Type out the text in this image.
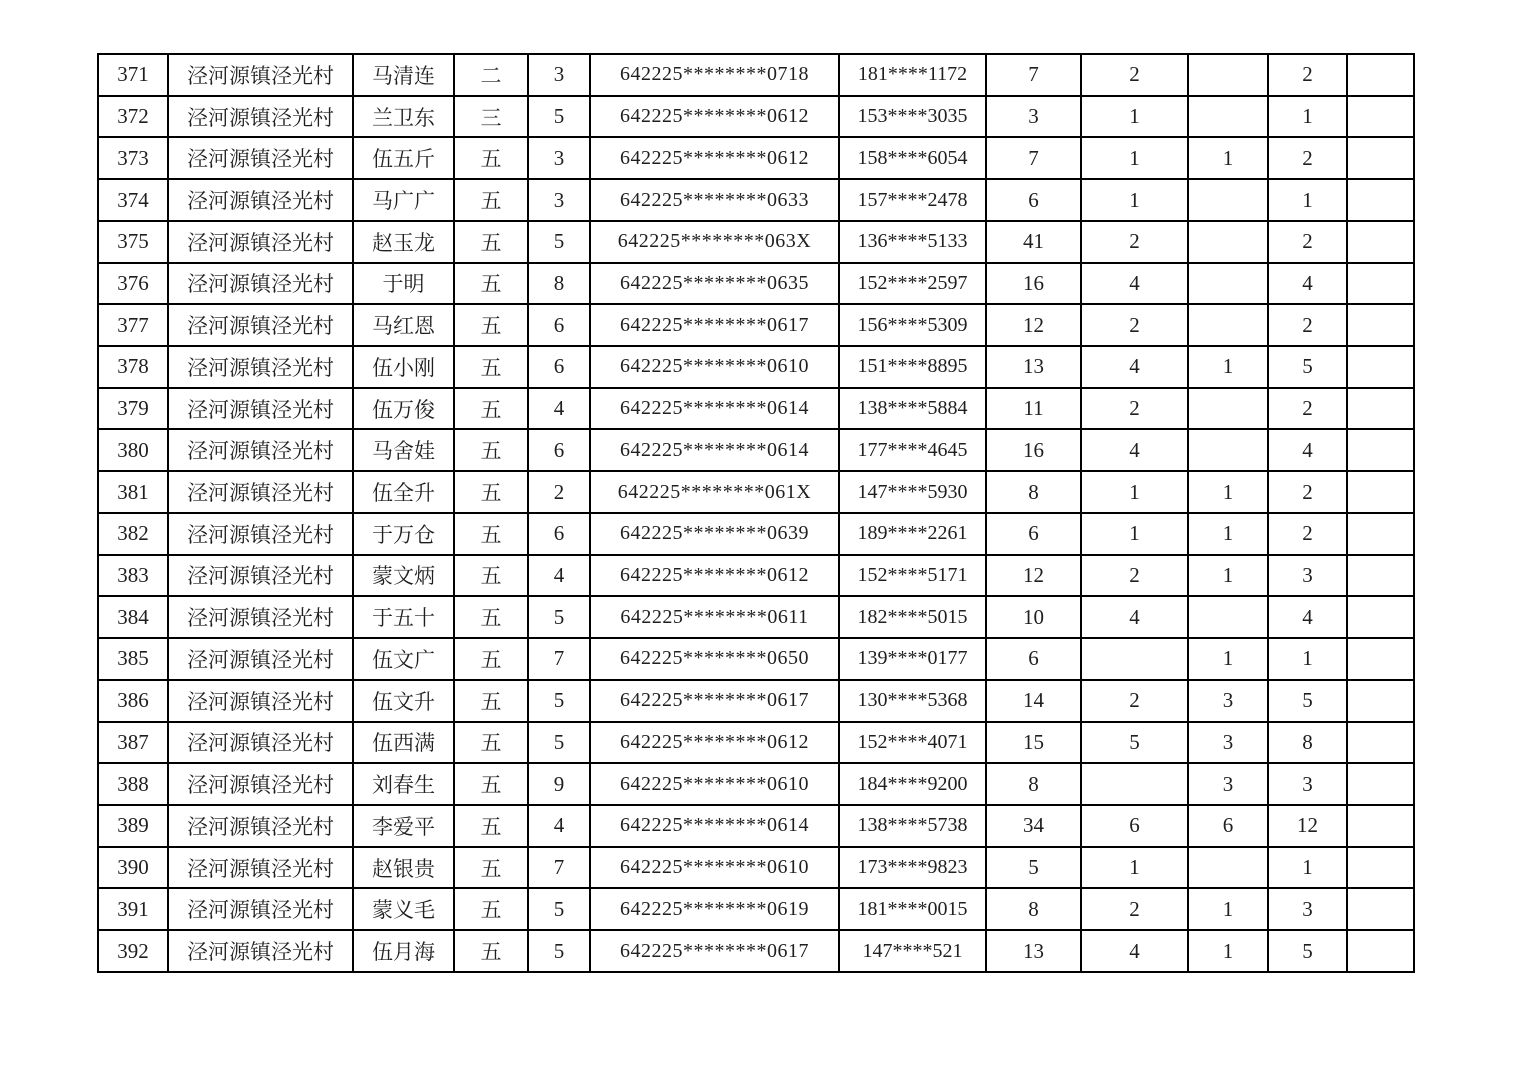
371	泾河源镇泾光村	马清连	二	3	642225********0718	181****1172	7	2		2	
372	泾河源镇泾光村	兰卫东	三	5	642225********0612	153****3035	3	1		1	
373	泾河源镇泾光村	伍五斤	五	3	642225********0612	158****6054	7	1	1	2	
374	泾河源镇泾光村	马广广	五	3	642225********0633	157****2478	6	1		1	
375	泾河源镇泾光村	赵玉龙	五	5	642225********063X	136****5133	41	2		2	
376	泾河源镇泾光村	于明	五	8	642225********0635	152****2597	16	4		4	
377	泾河源镇泾光村	马红恩	五	6	642225********0617	156****5309	12	2		2	
378	泾河源镇泾光村	伍小刚	五	6	642225********0610	151****8895	13	4	1	5	
379	泾河源镇泾光村	伍万俊	五	4	642225********0614	138****5884	11	2		2	
380	泾河源镇泾光村	马舍娃	五	6	642225********0614	177****4645	16	4		4	
381	泾河源镇泾光村	伍全升	五	2	642225********061X	147****5930	8	1	1	2	
382	泾河源镇泾光村	于万仓	五	6	642225********0639	189****2261	6	1	1	2	
383	泾河源镇泾光村	蒙文炳	五	4	642225********0612	152****5171	12	2	1	3	
384	泾河源镇泾光村	于五十	五	5	642225********0611	182****5015	10	4		4	
385	泾河源镇泾光村	伍文广	五	7	642225********0650	139****0177	6		1	1	
386	泾河源镇泾光村	伍文升	五	5	642225********0617	130****5368	14	2	3	5	
387	泾河源镇泾光村	伍西满	五	5	642225********0612	152****4071	15	5	3	8	
388	泾河源镇泾光村	刘春生	五	9	642225********0610	184****9200	8		3	3	
389	泾河源镇泾光村	李爱平	五	4	642225********0614	138****5738	34	6	6	12	
390	泾河源镇泾光村	赵银贵	五	7	642225********0610	173****9823	5	1		1	
391	泾河源镇泾光村	蒙义毛	五	5	642225********0619	181****0015	8	2	1	3	
392	泾河源镇泾光村	伍月海	五	5	642225********0617	147****521	13	4	1	5	
